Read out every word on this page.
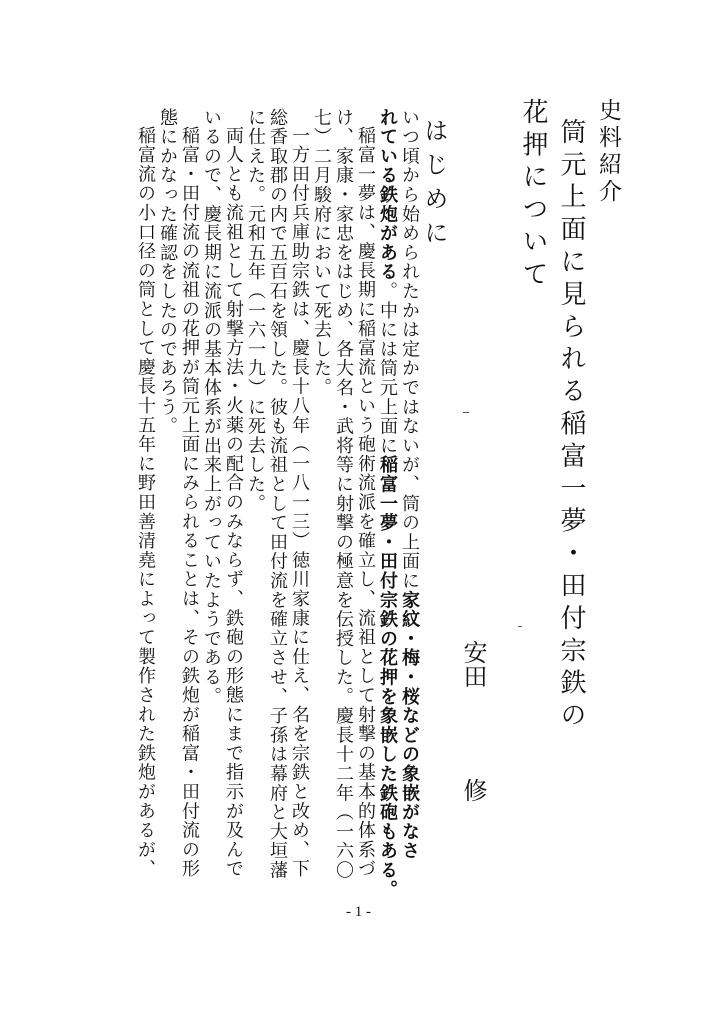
史料紹介
筒元上面に見られる稲富一夢・田付宗鉄の
花押について
安田
修
はじめに
いつ頃から始められたかは定かではないが、筒の上面に家紋・梅・桜などの象嵌がなさ
れている鉄炮がある。中には筒元上面に稲富一夢・田付宗鉄の花押を象嵌した鉄砲もある。
稲富一夢は、慶長期に稲富流という砲術流派を確立し、流祖として射撃の基本的体系づ
け、家康・家忠をはじめ、各大名・武将等に射撃の極意を伝授した。慶長十二年（一六〇
七）二月駿府において死去した。
一方田付兵庫助宗鉄は、慶長十八年（一八一三）徳川家康に仕え、名を宗鉄と改め、下
総香取郡の内で五百石を領した。彼も流祖として田付流を確立させ、子孫は幕府と大垣藩
に仕えた。元和五年（一六一九）に死去した。
両人とも流祖として射撃方法・火薬の配合のみならず、鉄砲の形態にまで指示が及んで
いるので、慶長期に流派の基本体系が出来上がっていたようである。
稲富・田付流の流祖の花押が筒元上面にみられることは、その鉄炮が稲富・田付流の形
態にかなった確認をしたのであろう。
稲富流の小口径の筒として慶長十五年に野田善清堯によって製作された鉄炮があるが、
- 1 -
